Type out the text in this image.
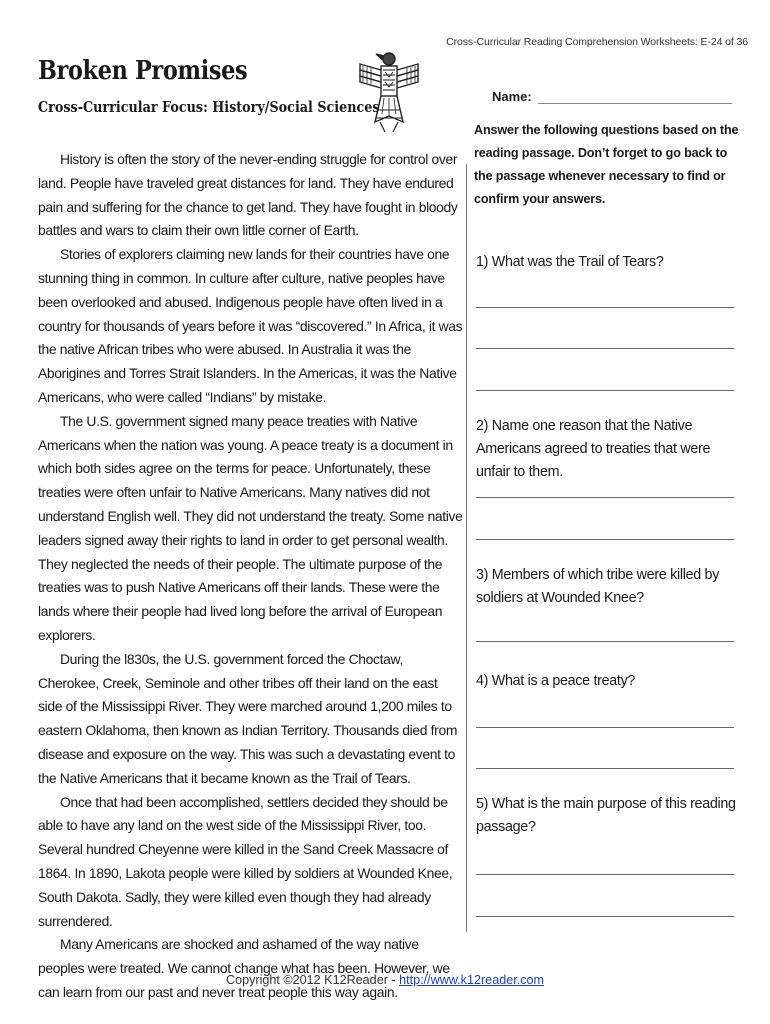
Cross-Curricular Reading Comprehension Worksheets: E-24 of 36
Broken Promises
Cross-Curricular Focus: History/Social Sciences

History is often the story of the never-ending struggle for control over land. People have traveled great distances for land. They have endured pain and suffering for the chance to get land. They have fought in bloody battles and wars to claim their own little corner of Earth.

Stories of explorers claiming new lands for their countries have one stunning thing in common. In culture after culture, native peoples have been overlooked and abused. Indigenous people have often lived in a country for thousands of years before it was “discovered.” In Africa, it was the native African tribes who were abused. In Australia it was the Aborigines and Torres Strait Islanders. In the Americas, it was the Native Americans, who were called “Indians” by mistake.

The U.S. government signed many peace treaties with Native Americans when the nation was young. A peace treaty is a document in which both sides agree on the terms for peace. Unfortunately, these treaties were often unfair to Native Americans. Many natives did not understand English well. They did not understand the treaty. Some native leaders signed away their rights to land in order to get personal wealth. They neglected the needs of their people. The ultimate purpose of the treaties was to push Native Americans off their lands. These were the lands where their people had lived long before the arrival of European explorers.

During the l830s, the U.S. government forced the Choctaw, Cherokee, Creek, Seminole and other tribes off their land on the east side of the Mississippi River. They were marched around 1,200 miles to eastern Oklahoma, then known as Indian Territory. Thousands died from disease and exposure on the way. This was such a devastating event to the Native Americans that it became known as the Trail of Tears.

Once that had been accomplished, settlers decided they should be able to have any land on the west side of the Mississippi River, too. Several hundred Cheyenne were killed in the Sand Creek Massacre of 1864. In 1890, Lakota people were killed by soldiers at Wounded Knee, South Dakota. Sadly, they were killed even though they had already surrendered.

Many Americans are shocked and ashamed of the way native peoples were treated. We cannot change what has been. However, we can learn from our past and never treat people this way again.

Name:
Answer the following questions based on the reading passage. Don’t forget to go back to the passage whenever necessary to find or confirm your answers.
1) What was the Trail of Tears?
2) Name one reason that the Native Americans agreed to treaties that were unfair to them.
3) Members of which tribe were killed by soldiers at Wounded Knee?
4) What is a peace treaty?
5) What is the main purpose of this reading passage?
Copyright ©2012 K12Reader - http://www.k12reader.com
